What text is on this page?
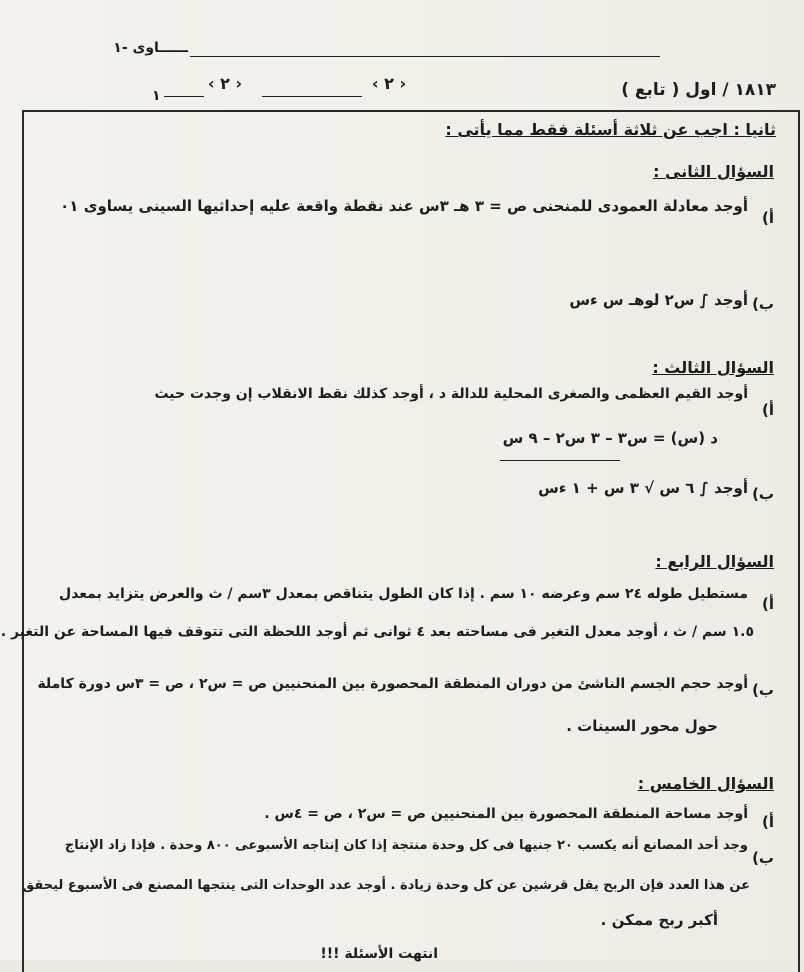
ــــــاوى -١
١٨١٣ / اول ( تابع )
‹ ٢ ›
‹ ٢ ›
١
ثانيا : اجب عن ثلاثة أسئلة فقط مما يأتى :
السؤال الثانى :
أ)
أوجد معادلة العمودى للمنحنى ص = ٣ هـ ٣س عند نقطة واقعة عليه إحداثيها السينى يساوى ٠١
ب)
أوجد ∫ س٢ لوهـ س ءس
السؤال الثالث :
أ)
أوجد القيم العظمى والصغرى المحلية للدالة د ، أوجد كذلك نقط الانقلاب إن وجدت حيث
د (س) = س٣ – ٣ س٢ – ٩ س
ب)
أوجد ∫ ٦ س √ ٣ س + ١ ءس
السؤال الرابع :
أ)
مستطيل طوله ٢٤ سم وعرضه ١٠ سم . إذا كان الطول يتناقص بمعدل ٣سم / ث والعرض يتزايد بمعدل
١.٥ سم / ث ، أوجد معدل التغير فى مساحته بعد ٤ ثوانى ثم أوجد اللحظة التى تتوقف فيها المساحة عن التغير .
ب)
أوجد حجم الجسم الناشئ من دوران المنطقة المحصورة بين المنحنيين ص = س٢ ، ص = ٣س دورة كاملة
حول محور السينات .
السؤال الخامس :
أ)
أوجد مساحة المنطقة المحصورة بين المنحنيين ص = س٢ ، ص = ٤س .
ب)
وجد أحد المصانع أنه يكسب ٢٠ جنيها فى كل وحدة منتجة إذا كان إنتاجه الأسبوعى ٨٠٠ وحدة . فإذا زاد الإنتاج
عن هذا العدد فإن الربح يقل قرشين عن كل وحدة زيادة . أوجد عدد الوحدات التى ينتجها المصنع فى الأسبوع ليحقق
أكبر ربح ممكن .
انتهت الأسئلة !!!
